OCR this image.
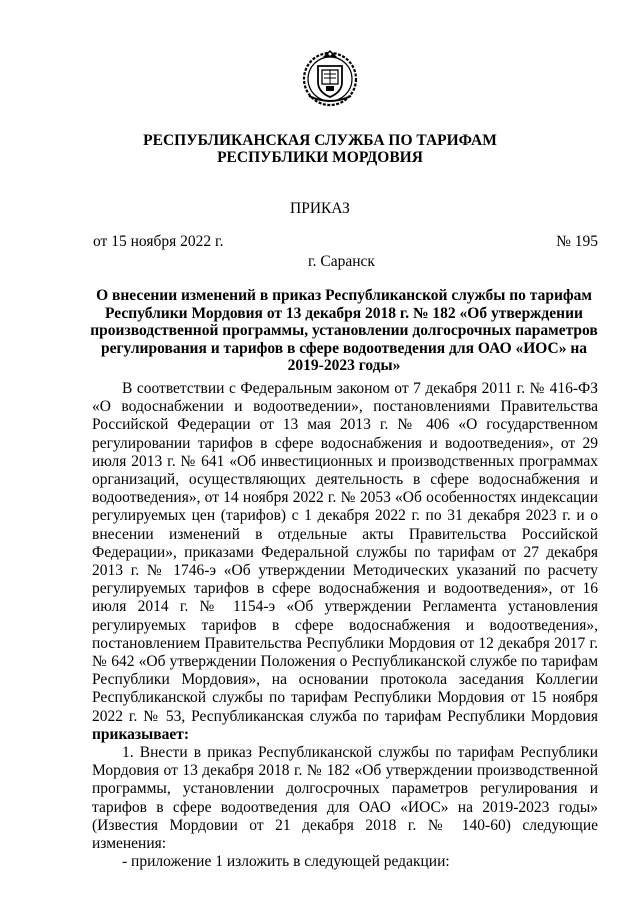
РЕСПУБЛИКАНСКАЯ СЛУЖБА ПО ТАРИФАМ
РЕСПУБЛИКИ МОРДОВИЯ
ПРИКАЗ
от 15 ноября 2022 г.	№ 195
г. Саранск
О внесении изменений в приказ Республиканской службы по тарифам Республики Мордовия от 13 декабря 2018 г. № 182 «Об утверждении производственной программы, установлении долгосрочных параметров регулирования и тарифов в сфере водоотведения для ОАО «ИОС» на 2019-2023 годы»

В соответствии с Федеральным законом от 7 декабря 2011 г. № 416-ФЗ «О водоснабжении и водоотведении», постановлениями Правительства Российской Федерации от 13 мая 2013 г. № 406 «О государственном регулировании тарифов в сфере водоснабжения и водоотведения», от 29 июля 2013 г. № 641 «Об инвестиционных и производственных программах организаций, осуществляющих деятельность в сфере водоснабжения и водоотведения», от 14 ноября 2022 г. № 2053 «Об особенностях индексации регулируемых цен (тарифов) с 1 декабря 2022 г. по 31 декабря 2023 г. и о внесении изменений в отдельные акты Правительства Российской Федерации», приказами Федеральной службы по тарифам от 27 декабря 2013 г. № 1746-э «Об утверждении Методических указаний по расчету регулируемых тарифов в сфере водоснабжения и водоотведения», от 16 июля 2014 г. № 1154-э «Об утверждении Регламента установления регулируемых тарифов в сфере водоснабжения и водоотведения», постановлением Правительства Республики Мордовия от 12 декабря 2017 г. № 642 «Об утверждении Положения о Республиканской службе по тарифам Республики Мордовия», на основании протокола заседания Коллегии Республиканской службы по тарифам Республики Мордовия от 15 ноября 2022 г. № 53, Республиканская служба по тарифам Республики Мордовия приказывает:

1. Внести в приказ Республиканской службы по тарифам Республики Мордовия от 13 декабря 2018 г. № 182 «Об утверждении производственной программы, установлении долгосрочных параметров регулирования и тарифов в сфере водоотведения для ОАО «ИОС» на 2019-2023 годы» (Известия Мордовии от 21 декабря 2018 г. № 140-60) следующие изменения:

- приложение 1 изложить в следующей редакции:
